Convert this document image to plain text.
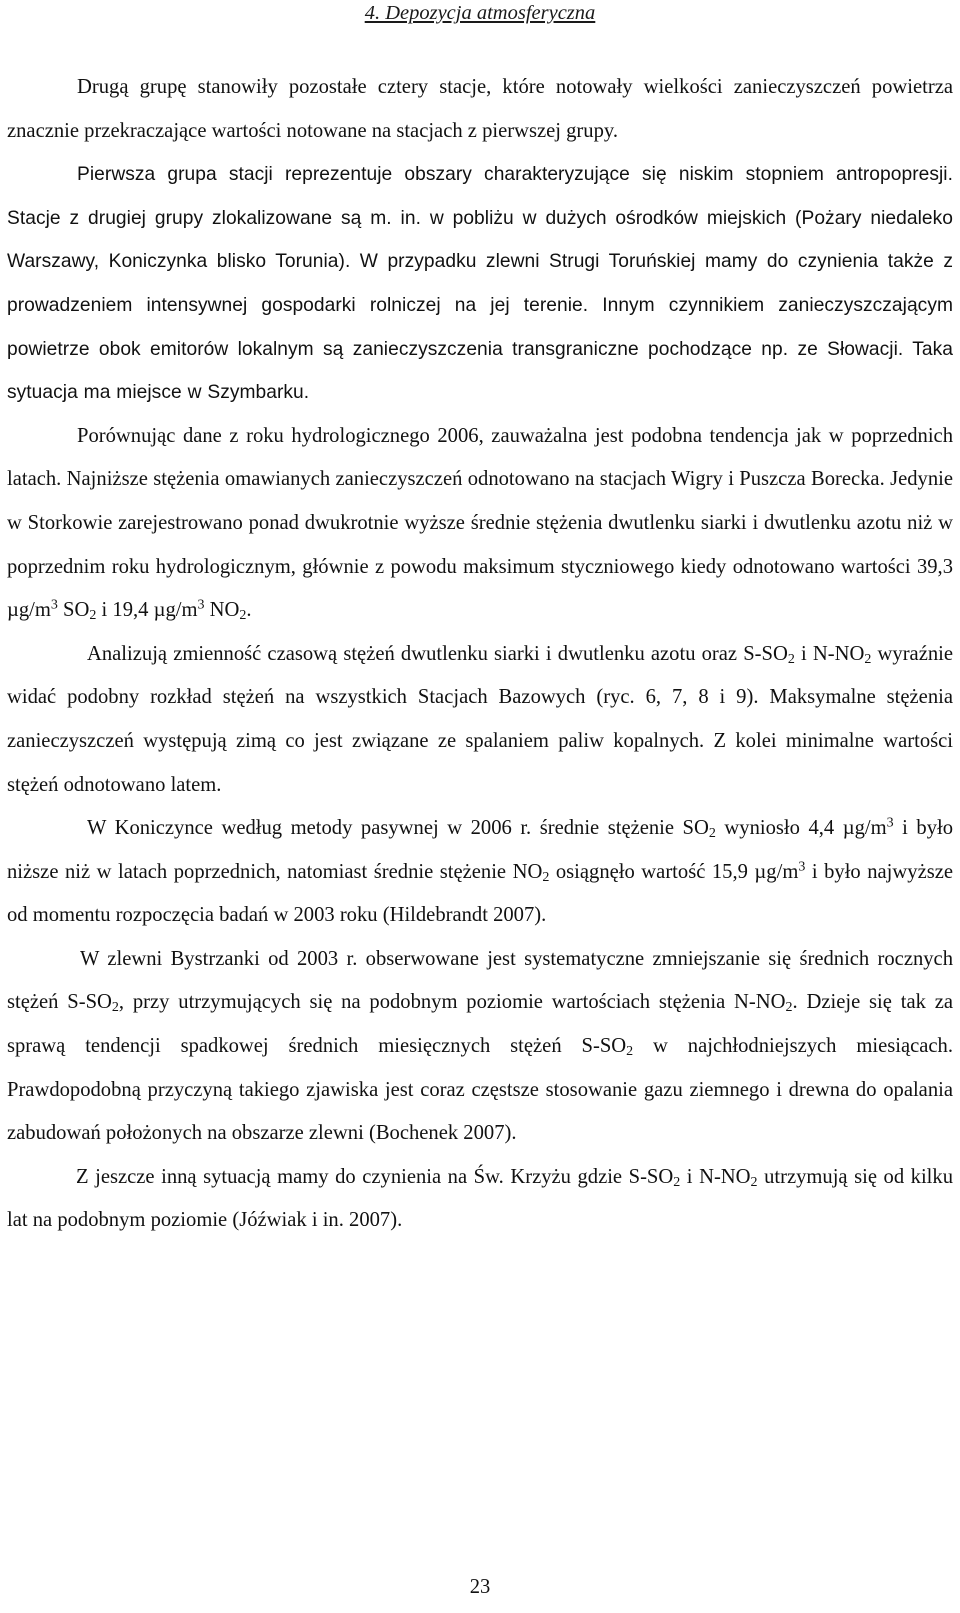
4. Depozycja atmosferyczna

Drugą grupę stanowiły pozostałe cztery stacje, które notowały wielkości zanieczyszczeń powietrza znacznie przekraczające wartości notowane na stacjach z pierwszej grupy.

Pierwsza grupa stacji reprezentuje obszary charakteryzujące się niskim stopniem antropopresji. Stacje z drugiej grupy zlokalizowane są m. in. w pobliżu w dużych ośrodków miejskich (Pożary niedaleko Warszawy, Koniczynka blisko Torunia). W przypadku zlewni Strugi Toruńskiej mamy do czynienia także z prowadzeniem intensywnej gospodarki rolniczej na jej terenie. Innym czynnikiem zanieczyszczającym powietrze obok emitorów lokalnym są zanieczyszczenia transgraniczne pochodzące np. ze Słowacji. Taka sytuacja ma miejsce w Szymbarku.

Porównując dane z roku hydrologicznego 2006, zauważalna jest podobna tendencja jak w poprzednich latach. Najniższe stężenia omawianych zanieczyszczeń odnotowano na stacjach Wigry i Puszcza Borecka. Jedynie w Storkowie zarejestrowano ponad dwukrotnie wyższe średnie stężenia dwutlenku siarki i dwutlenku azotu niż w poprzednim roku hydrologicznym, głównie z powodu maksimum styczniowego kiedy odnotowano wartości 39,3 $\mu g/m^3$ $SO_2$ i 19,4 $\mu g/m^3$ $NO_2$.

Analizują zmienność czasową stężeń dwutlenku siarki i dwutlenku azotu oraz $S-SO_2$ i $N-NO_2$ wyraźnie widać podobny rozkład stężeń na wszystkich Stacjach Bazowych (ryc. 6, 7, 8 i 9). Maksymalne stężenia zanieczyszczeń występują zimą co jest związane ze spalaniem paliw kopalnych. Z kolei minimalne wartości stężeń odnotowano latem.

W Koniczynce według metody pasywnej w 2006 r. średnie stężenie $SO_2$ wyniosło 4,4 $\mu g/m^3$ i było niższe niż w latach poprzednich, natomiast średnie stężenie $NO_2$ osiągnęło wartość 15,9 $\mu g/m^3$ i było najwyższe od momentu rozpoczęcia badań w 2003 roku (Hildebrandt 2007).

W zlewni Bystrzanki od 2003 r. obserwowane jest systematyczne zmniejszanie się średnich rocznych stężeń $S-SO_2$, przy utrzymujących się na podobnym poziomie wartościach stężenia $N-NO_2$. Dzieje się tak za sprawą tendencji spadkowej średnich miesięcznych stężeń $S-SO_2$ w najchłodniejszych miesiącach. Prawdopodobną przyczyną takiego zjawiska jest coraz częstsze stosowanie gazu ziemnego i drewna do opalania zabudowań położonych na obszarze zlewni (Bochenek 2007).

Z jeszcze inną sytuacją mamy do czynienia na Św. Krzyżu gdzie $S-SO_2$ i $N-NO_2$ utrzymują się od kilku lat na podobnym poziomie (Jóźwiak i in. 2007).

23
